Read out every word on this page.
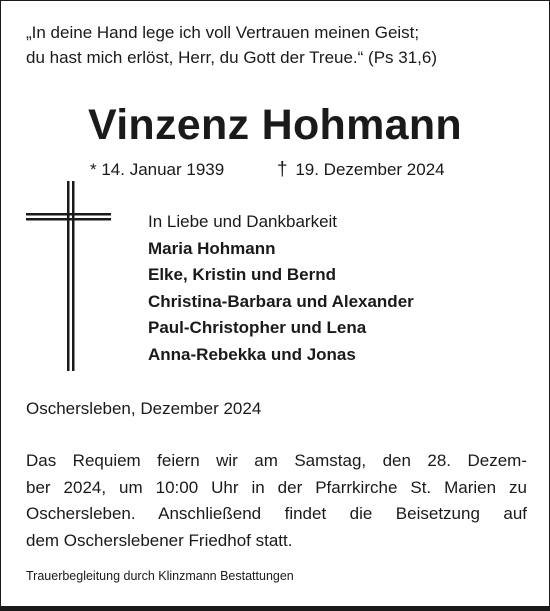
„In deine Hand lege ich voll Vertrauen meinen Geist;
du hast mich erlöst, Herr, du Gott der Treue.“ (Ps 31,6)
Vinzenz Hohmann
* 14. Januar 1939	† 19. Dezember 2024
In Liebe und Dankbarkeit
Maria Hohmann
Elke, Kristin und Bernd
Christina-Barbara und Alexander
Paul-Christopher und Lena
Anna-Rebekka und Jonas
Oschersleben, Dezember 2024
Das Requiem feiern wir am Samstag, den 28. Dezem-
ber 2024, um 10:00 Uhr in der Pfarrkirche St. Marien zu
Oschersleben. Anschließend findet die Beisetzung auf
dem Oscherslebener Friedhof statt.
Trauerbegleitung durch Klinzmann Bestattungen
